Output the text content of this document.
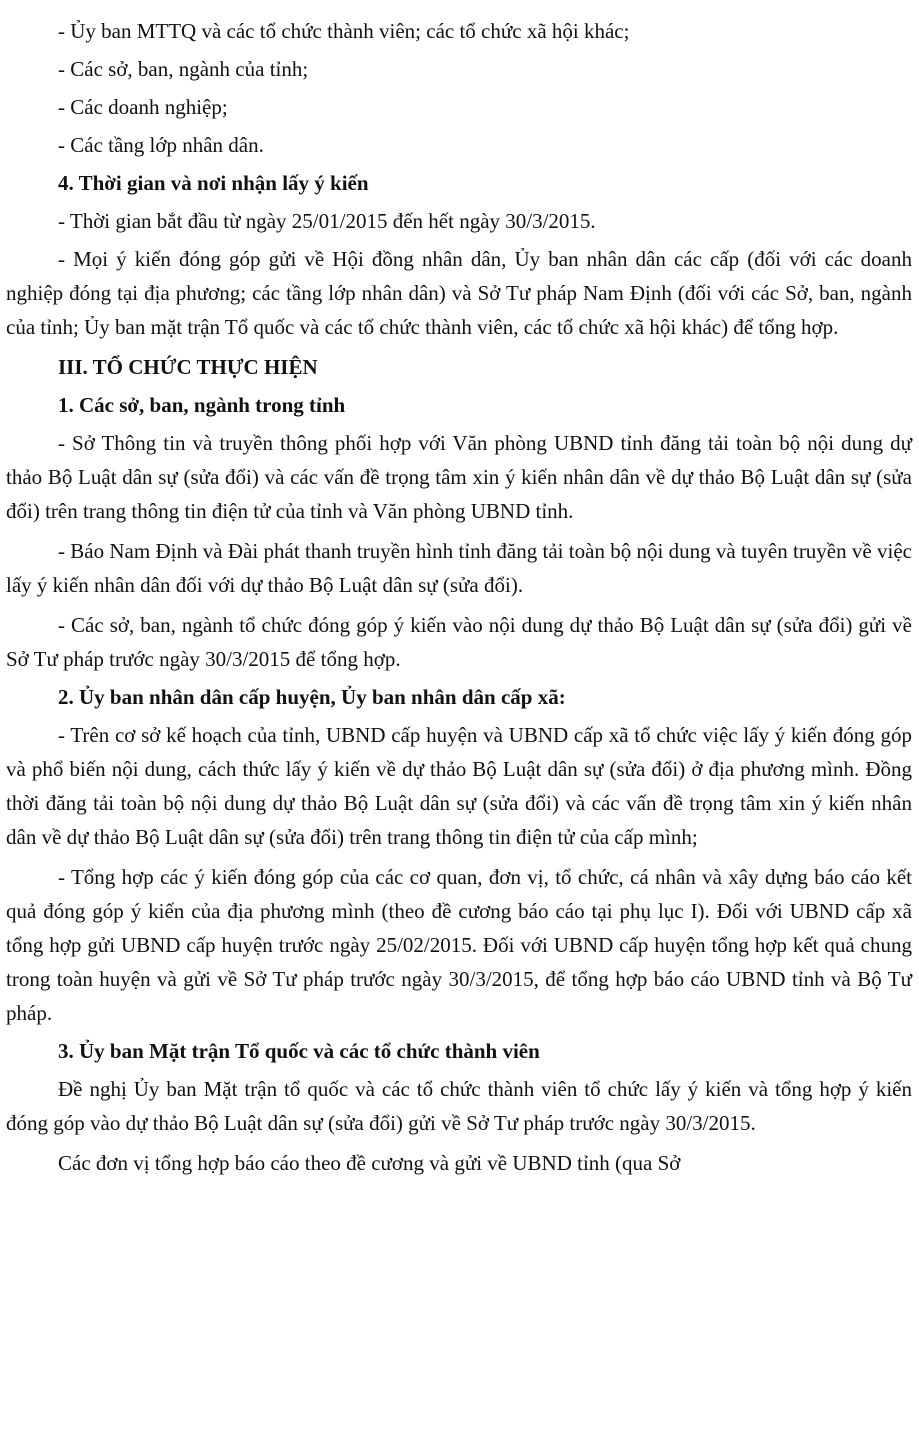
- Ủy ban MTTQ và các tổ chức thành viên; các tổ chức xã hội khác;

- Các sở, ban, ngành của tỉnh;

- Các doanh nghiệp;

- Các tầng lớp nhân dân.

4. Thời gian và nơi nhận lấy ý kiến

- Thời gian bắt đầu từ ngày 25/01/2015 đến hết ngày 30/3/2015.

- Mọi ý kiến đóng góp gửi về Hội đồng nhân dân, Ủy ban nhân dân các cấp (đối với các doanh nghiệp đóng tại địa phương; các tầng lớp nhân dân) và Sở Tư pháp Nam Định (đối với các Sở, ban, ngành của tỉnh; Ủy ban mặt trận Tổ quốc và các tổ chức thành viên, các tổ chức xã hội khác) để tổng hợp.

III. TỔ CHỨC THỰC HIỆN

1. Các sở, ban, ngành trong tỉnh

- Sở Thông tin và truyền thông phối hợp với Văn phòng UBND tỉnh đăng tải toàn bộ nội dung dự thảo Bộ Luật dân sự (sửa đổi) và các vấn đề trọng tâm xin ý kiến nhân dân về dự thảo Bộ Luật dân sự (sửa đổi) trên trang thông tin điện tử của tỉnh và Văn phòng UBND tỉnh.

- Báo Nam Định và Đài phát thanh truyền hình tỉnh đăng tải toàn bộ nội dung và tuyên truyền về việc lấy ý kiến nhân dân đối với dự thảo Bộ Luật dân sự (sửa đổi).

- Các sở, ban, ngành tổ chức đóng góp ý kiến vào nội dung dự thảo Bộ Luật dân sự (sửa đổi) gửi về Sở Tư pháp trước ngày 30/3/2015 để tổng hợp.

2. Ủy ban nhân dân cấp huyện, Ủy ban nhân dân cấp xã:

- Trên cơ sở kế hoạch của tỉnh, UBND cấp huyện và UBND cấp xã tổ chức việc lấy ý kiến đóng góp và phổ biến nội dung, cách thức lấy ý kiến về dự thảo Bộ Luật dân sự (sửa đổi) ở địa phương mình. Đồng thời đăng tải toàn bộ nội dung dự thảo Bộ Luật dân sự (sửa đổi) và các vấn đề trọng tâm xin ý kiến nhân dân về dự thảo Bộ Luật dân sự (sửa đổi) trên trang thông tin điện tử của cấp mình;

- Tổng hợp các ý kiến đóng góp của các cơ quan, đơn vị, tổ chức, cá nhân và xây dựng báo cáo kết quả đóng góp ý kiến của địa phương mình (theo đề cương báo cáo tại phụ lục I). Đối với UBND cấp xã tổng hợp gửi UBND cấp huyện trước ngày 25/02/2015. Đối với UBND cấp huyện tổng hợp kết quả chung trong toàn huyện và gửi về Sở Tư pháp trước ngày 30/3/2015, để tổng hợp báo cáo UBND tỉnh và Bộ Tư pháp.

3. Ủy ban Mặt trận Tổ quốc và các tổ chức thành viên

Đề nghị Ủy ban Mặt trận tổ quốc và các tổ chức thành viên tổ chức lấy ý kiến và tổng hợp ý kiến đóng góp vào dự thảo Bộ Luật dân sự (sửa đổi) gửi về Sở Tư pháp trước ngày 30/3/2015.

Các đơn vị tổng hợp báo cáo theo đề cương và gửi về UBND tỉnh (qua Sở
